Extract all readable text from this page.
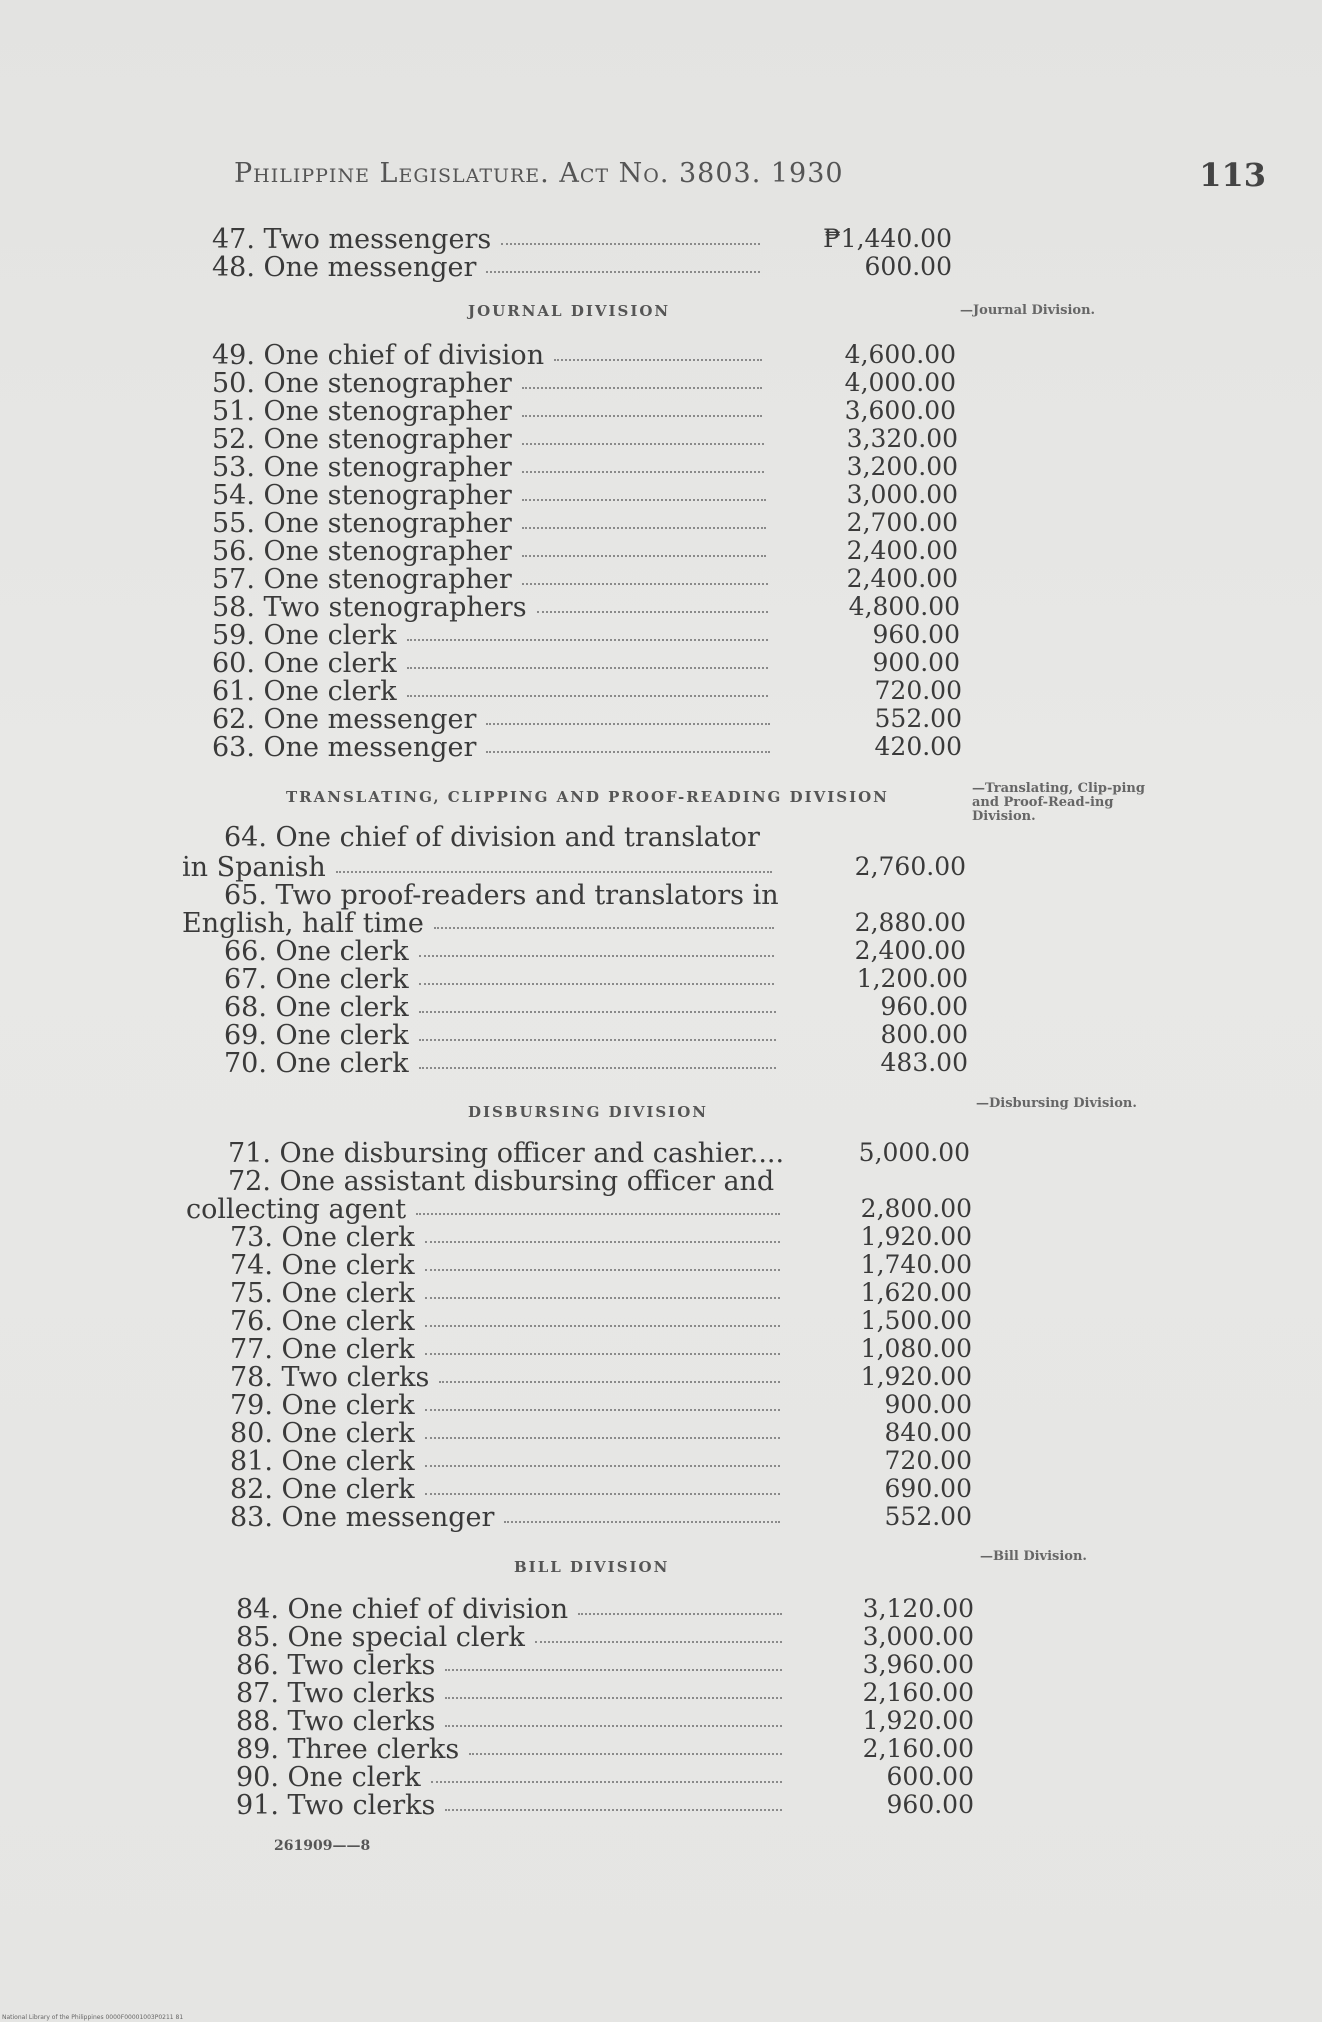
Philippine Legislature. Act No. 3803. 1930	113
JOURNAL DIVISION	—Journal Division.
TRANSLATING, CLIPPING AND PROOF-READING DIVISION	—Translating, Clip-ping and Proof-Read-ing Division.
DISBURSING DIVISION	—Disbursing Division.
BILL DIVISION
—Bill Division.
47. Two messengers	₱1,440.00
48. One messenger	600.00
49. One chief of division	4,600.00
50. One stenographer	4,000.00
51. One stenographer	3,600.00
52. One stenographer	3,320.00
53. One stenographer	3,200.00
54. One stenographer	3,000.00
55. One stenographer	2,700.00
56. One stenographer	2,400.00
57. One stenographer	2,400.00
58. Two stenographers	4,800.00
59. One clerk	960.00
60. One clerk	900.00
61. One clerk	720.00
62. One messenger	552.00
63. One messenger	420.00
64. One chief of division and translator
in Spanish	2,760.00
65. Two proof-readers and translators in
English, half time	2,880.00
66. One clerk	2,400.00
67. One clerk	1,200.00
68. One clerk	960.00
69. One clerk	800.00
70. One clerk	483.00
71. One disbursing officer and cashier....	5,000.00
72. One assistant disbursing officer and
collecting agent	2,800.00
73. One clerk	1,920.00
74. One clerk	1,740.00
75. One clerk	1,620.00
76. One clerk	1,500.00
77. One clerk	1,080.00
78. Two clerks	1,920.00
79. One clerk	900.00
80. One clerk	840.00
81. One clerk	720.00
82. One clerk	690.00
83. One messenger	552.00
84. One chief of division	3,120.00
85. One special clerk	3,000.00
86. Two clerks	3,960.00
87. Two clerks	2,160.00
88. Two clerks	1,920.00
89. Three clerks	2,160.00
90. One clerk	600.00
91. Two clerks	960.00
261909——8
National Library of the Philippines 0000F00001003P0211 81
